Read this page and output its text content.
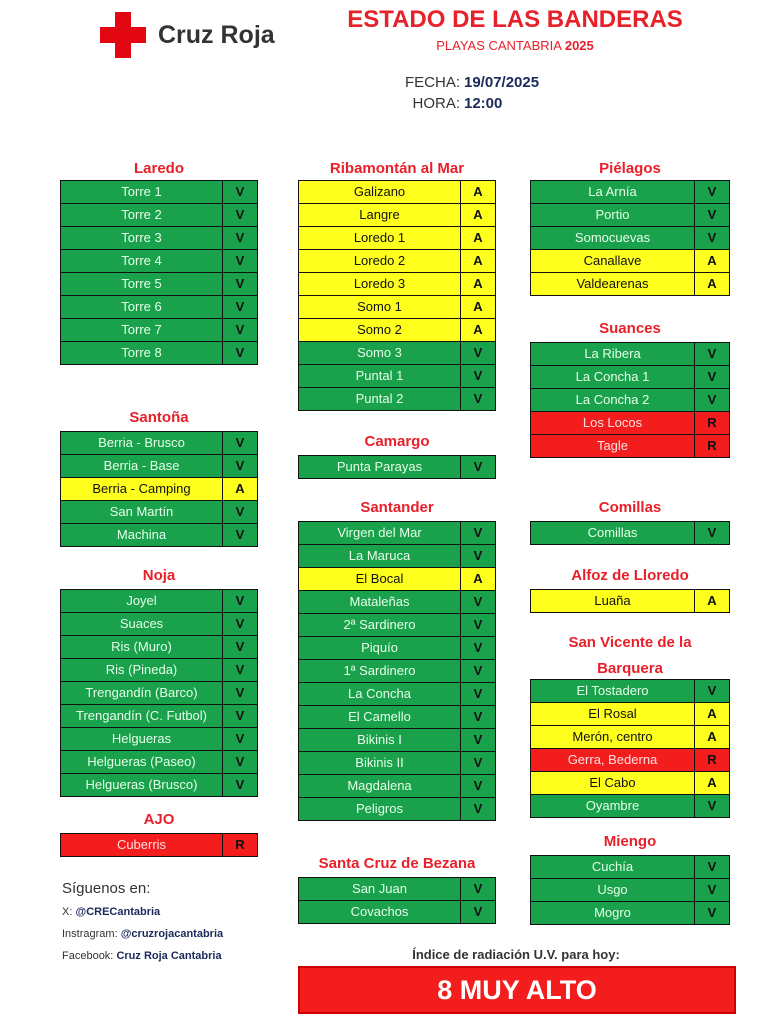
Cruz Roja
ESTADO DE LAS BANDERAS
PLAYAS CANTABRIA 2025
FECHA: 19/07/2025
HORA: 12:00
Laredo
Torre 1	V
Torre 2	V
Torre 3	V
Torre 4	V
Torre 5	V
Torre 6	V
Torre 7	V
Torre 8	V
Santoña
Berria - Brusco	V
Berria - Base	V
Berria - Camping	A
San Martín	V
Machina	V
Noja
Joyel	V
Suaces	V
Ris (Muro)	V
Ris (Pineda)	V
Trengandín (Barco)	V
Trengandín (C. Futbol)	V
Helgueras	V
Helgueras (Paseo)	V
Helgueras (Brusco)	V
AJO
Cuberris	R
Ribamontán al Mar
Galizano	A
Langre	A
Loredo 1	A
Loredo 2	A
Loredo 3	A
Somo 1	A
Somo 2	A
Somo 3	V
Puntal 1	V
Puntal 2	V
Camargo
Punta Parayas	V
Santander
Virgen del Mar	V
La Maruca	V
El Bocal	A
Mataleñas	V
2ª Sardinero	V
Piquío	V
1ª Sardinero	V
La Concha	V
El Camello	V
Bikinis I	V
Bikinis II	V
Magdalena	V
Peligros	V
Santa Cruz de Bezana
San Juan	V
Covachos	V
Piélagos
La Arnía	V
Portio	V
Somocuevas	V
Canallave	A
Valdearenas	A
Suances
La Ribera	V
La Concha 1	V
La Concha 2	V
Los Locos	R
Tagle	R
Comillas
Comillas	V
Alfoz de Lloredo
Luaña	A
San Vicente de la Barquera
El Tostadero	V
El Rosal	A
Merón, centro	A
Gerra, Bederna	R
El Cabo	A
Oyambre	V
Miengo
Cuchía	V
Usgo	V
Mogro	V
Síguenos en:
X: @CRECantabria
Instragram: @cruzrojacantabria
Facebook: Cruz Roja Cantabria	Índice de radiación U.V. para hoy:
8 MUY ALTO
